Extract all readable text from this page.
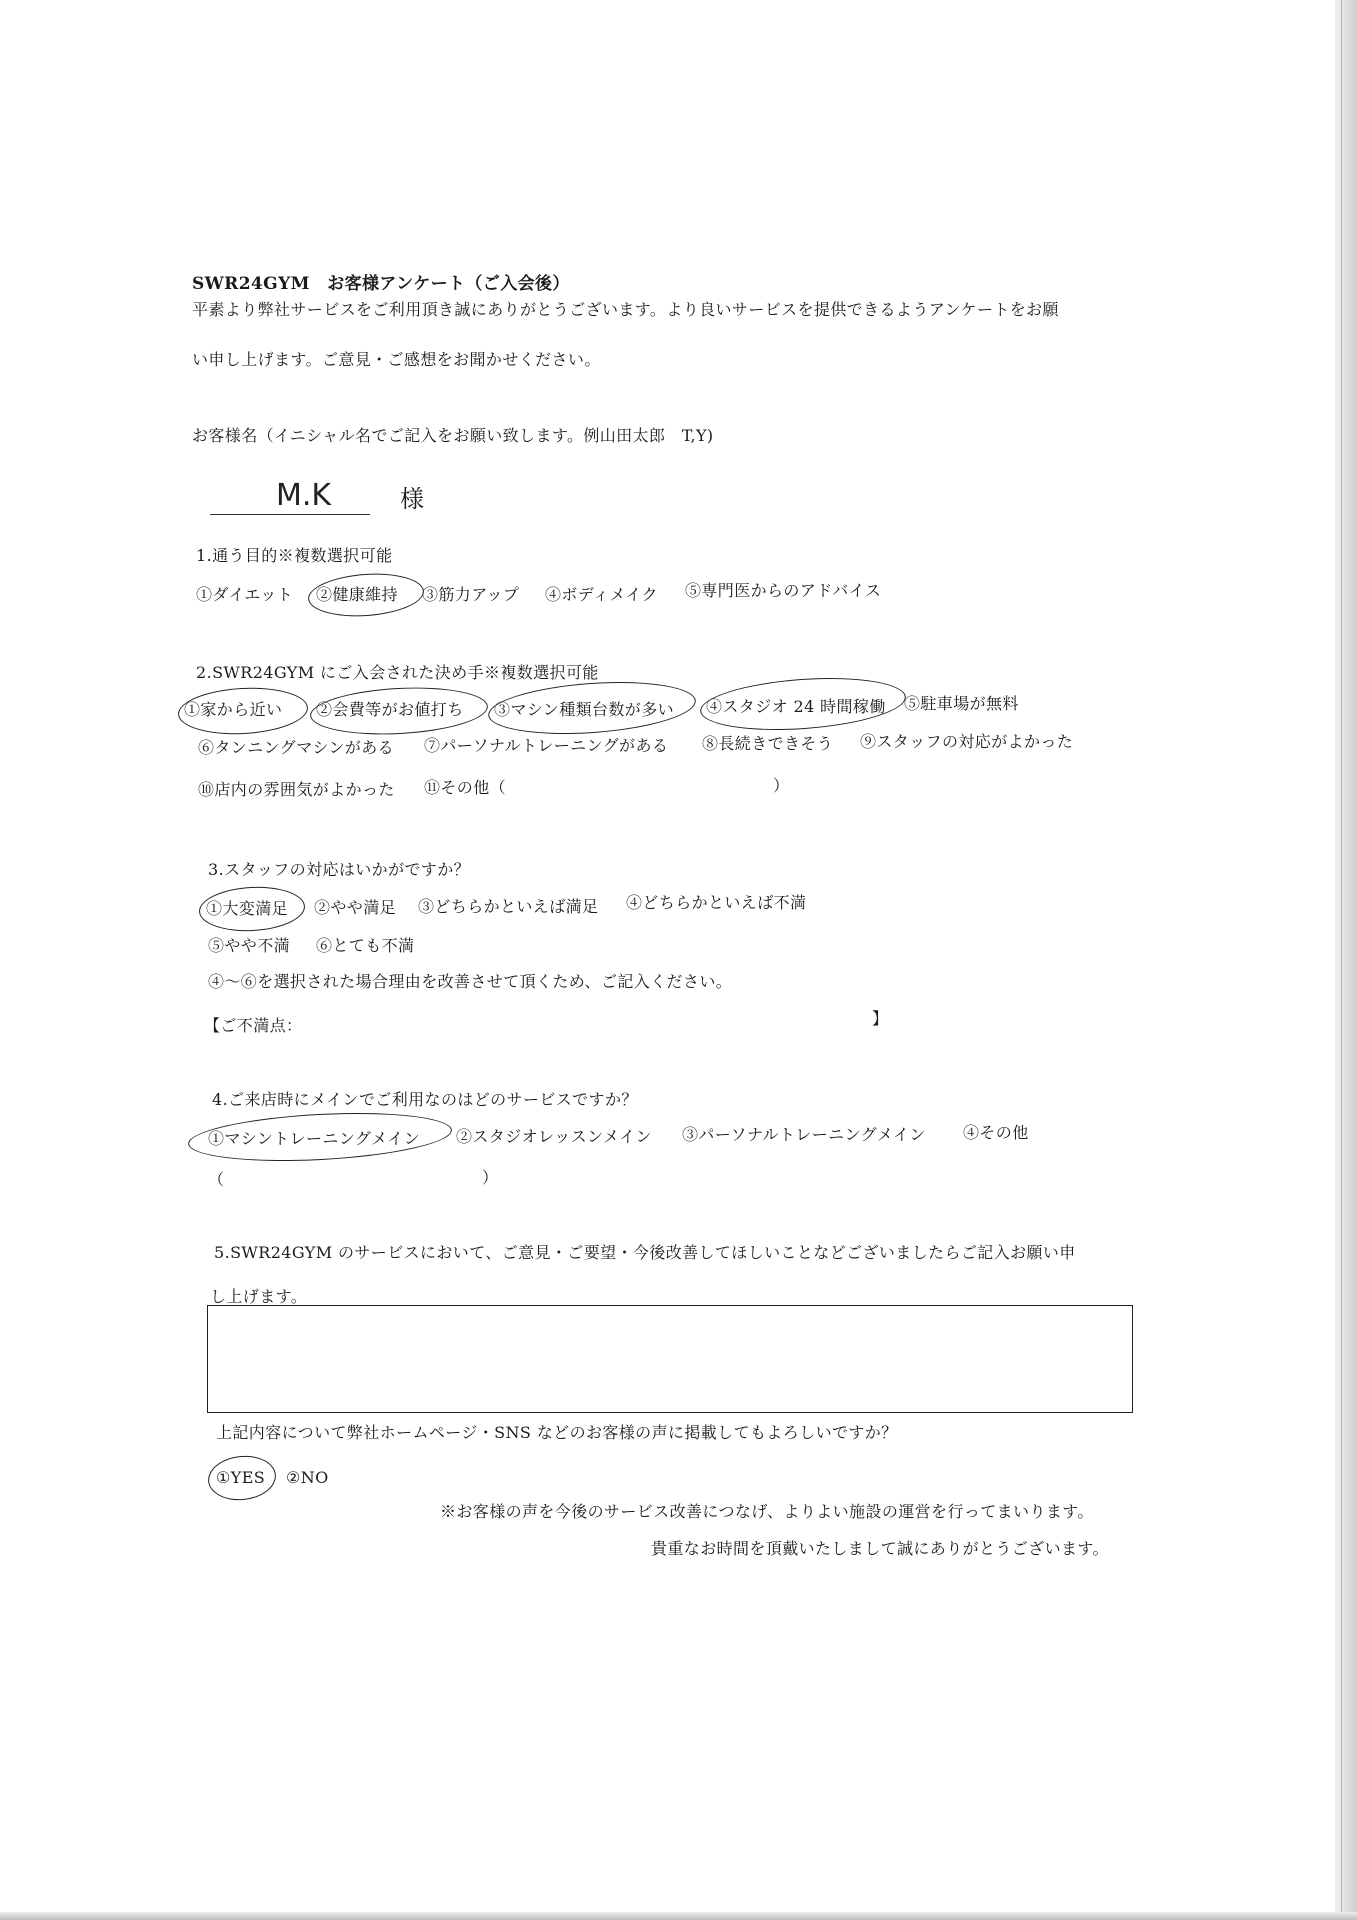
SWR24GYM　お客様アンケート（ご入会後）
平素より弊社サービスをご利用頂き誠にありがとうございます。より良いサービスを提供できるようアンケートをお願
い申し上げます。ご意見・ご感想をお聞かせください。
お客様名（イニシャル名でご記入をお願い致します。例山田太郎　T,Y)
M.K	様
1.通う目的※複数選択可能
①ダイエット ②健康維持 ③筋力アップ ④ボディメイク ⑤専門医からのアドバイス
2.SWR24GYM にご入会された決め手※複数選択可能
①家から近い ②会費等がお値打ち ③マシン種類台数が多い ④スタジオ 24 時間稼働 ⑤駐車場が無料
⑥タンニングマシンがある ⑦パーソナルトレーニングがある ⑧長続きできそう ⑨スタッフの対応がよかった
⑩店内の雰囲気がよかった ⑪その他（	）
3.スタッフの対応はいかがですか？
①大変満足 ②やや満足 ③どちらかといえば満足 ④どちらかといえば不満
⑤やや不満 ⑥とても不満
④～⑥を選択された場合理由を改善させて頂くため、ご記入ください。
【ご不満点：	】
4.ご来店時にメインでご利用なのはどのサービスですか？
①マシントレーニングメイン ②スタジオレッスンメイン ③パーソナルトレーニングメイン ④その他
（	）
5.SWR24GYM のサービスにおいて、ご意見・ご要望・今後改善してほしいことなどございましたらご記入お願い申
し上げます。
上記内容について弊社ホームページ・SNS などのお客様の声に掲載してもよろしいですか？
①YES ②NO
※お客様の声を今後のサービス改善につなげ、よりよい施設の運営を行ってまいります。
貴重なお時間を頂戴いたしまして誠にありがとうございます。
